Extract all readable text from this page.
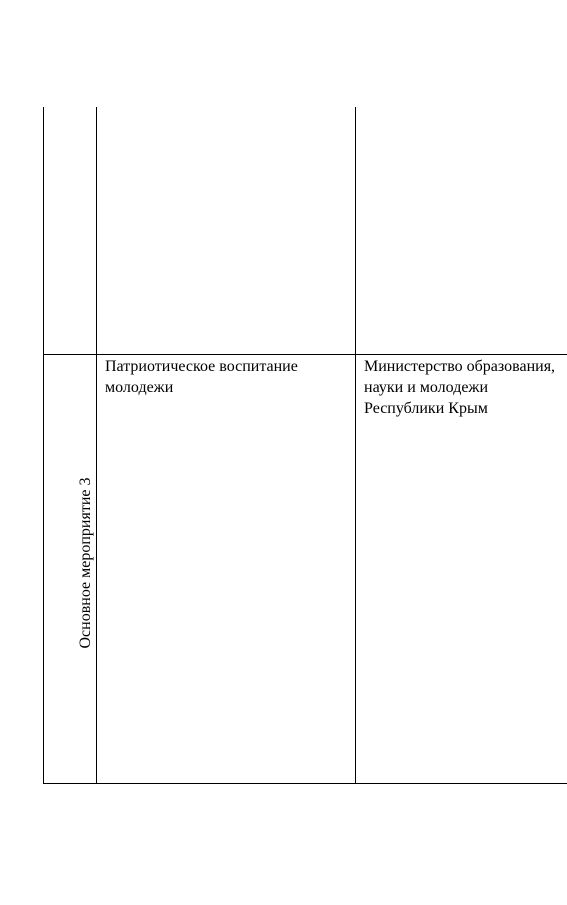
Основное мероприятие 3
Патриотическое воспитание молодежи
Министерство образования, науки и молодежи Республики Крым
